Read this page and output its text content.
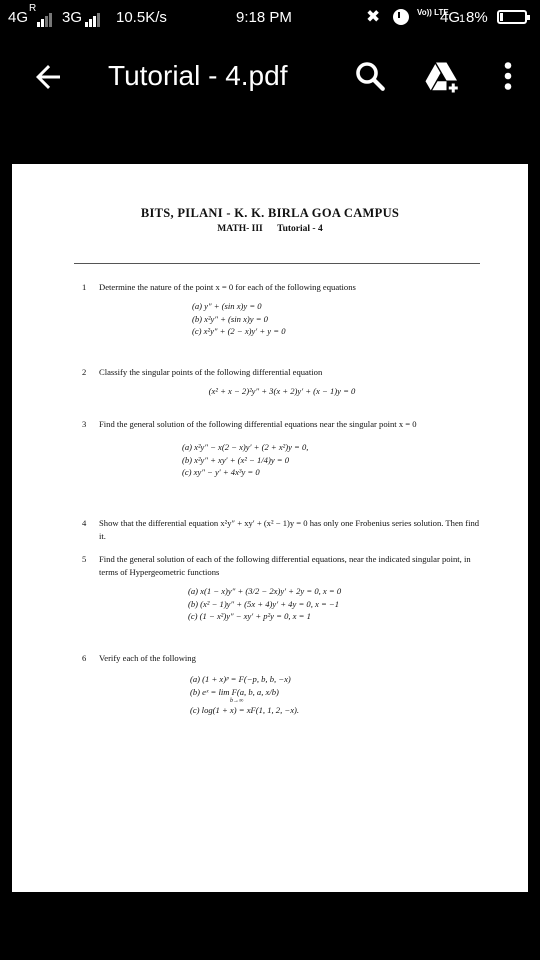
4G
R
3G 10.5K/s	9:18 PM	✖	Vo)) LTE
4G
1 8%
Tutorial - 4.pdf
BITS, PILANI - K. K. BIRLA GOA CAMPUS
MATH- III Tutorial - 4
1	Determine the nature of the point x = 0 for each of the following equations
(a) y″ + (sin x)y = 0
(b) x²y″ + (sin x)y = 0
(c) x²y″ + (2 − x)y′ + y = 0
2	Classify the singular points of the following differential equation
(x² + x − 2)²y″ + 3(x + 2)y′ + (x − 1)y = 0
3	Find the general solution of the following differential equations near the singular point x = 0
(a) x²y″ − x(2 − x)y′ + (2 + x²)y = 0,
(b) x²y″ + xy′ + (x² − 1/4)y = 0
(c) xy″ − y′ + 4x³y = 0
4	Show that the differential equation x²y″ + xy′ + (x² − 1)y = 0 has only one Frobenius series solution. Then find it.
5	Find the general solution of each of the following differential equations, near the indicated singular point, in terms of Hypergeometric functions
(a) x(1 − x)y″ + (3/2 − 2x)y′ + 2y = 0, x = 0
(b) (x² − 1)y″ + (5x + 4)y′ + 4y = 0, x = −1
(c) (1 − x²)y″ − xy′ + p²y = 0, x = 1
6	Verify each of the following
(a) (1 + x)ᵖ = F(−p, b, b, −x)
(b) eˣ = lim F(a, b, a, x/b)
b→∞
(c) log(1 + x) = xF(1, 1, 2, −x).
